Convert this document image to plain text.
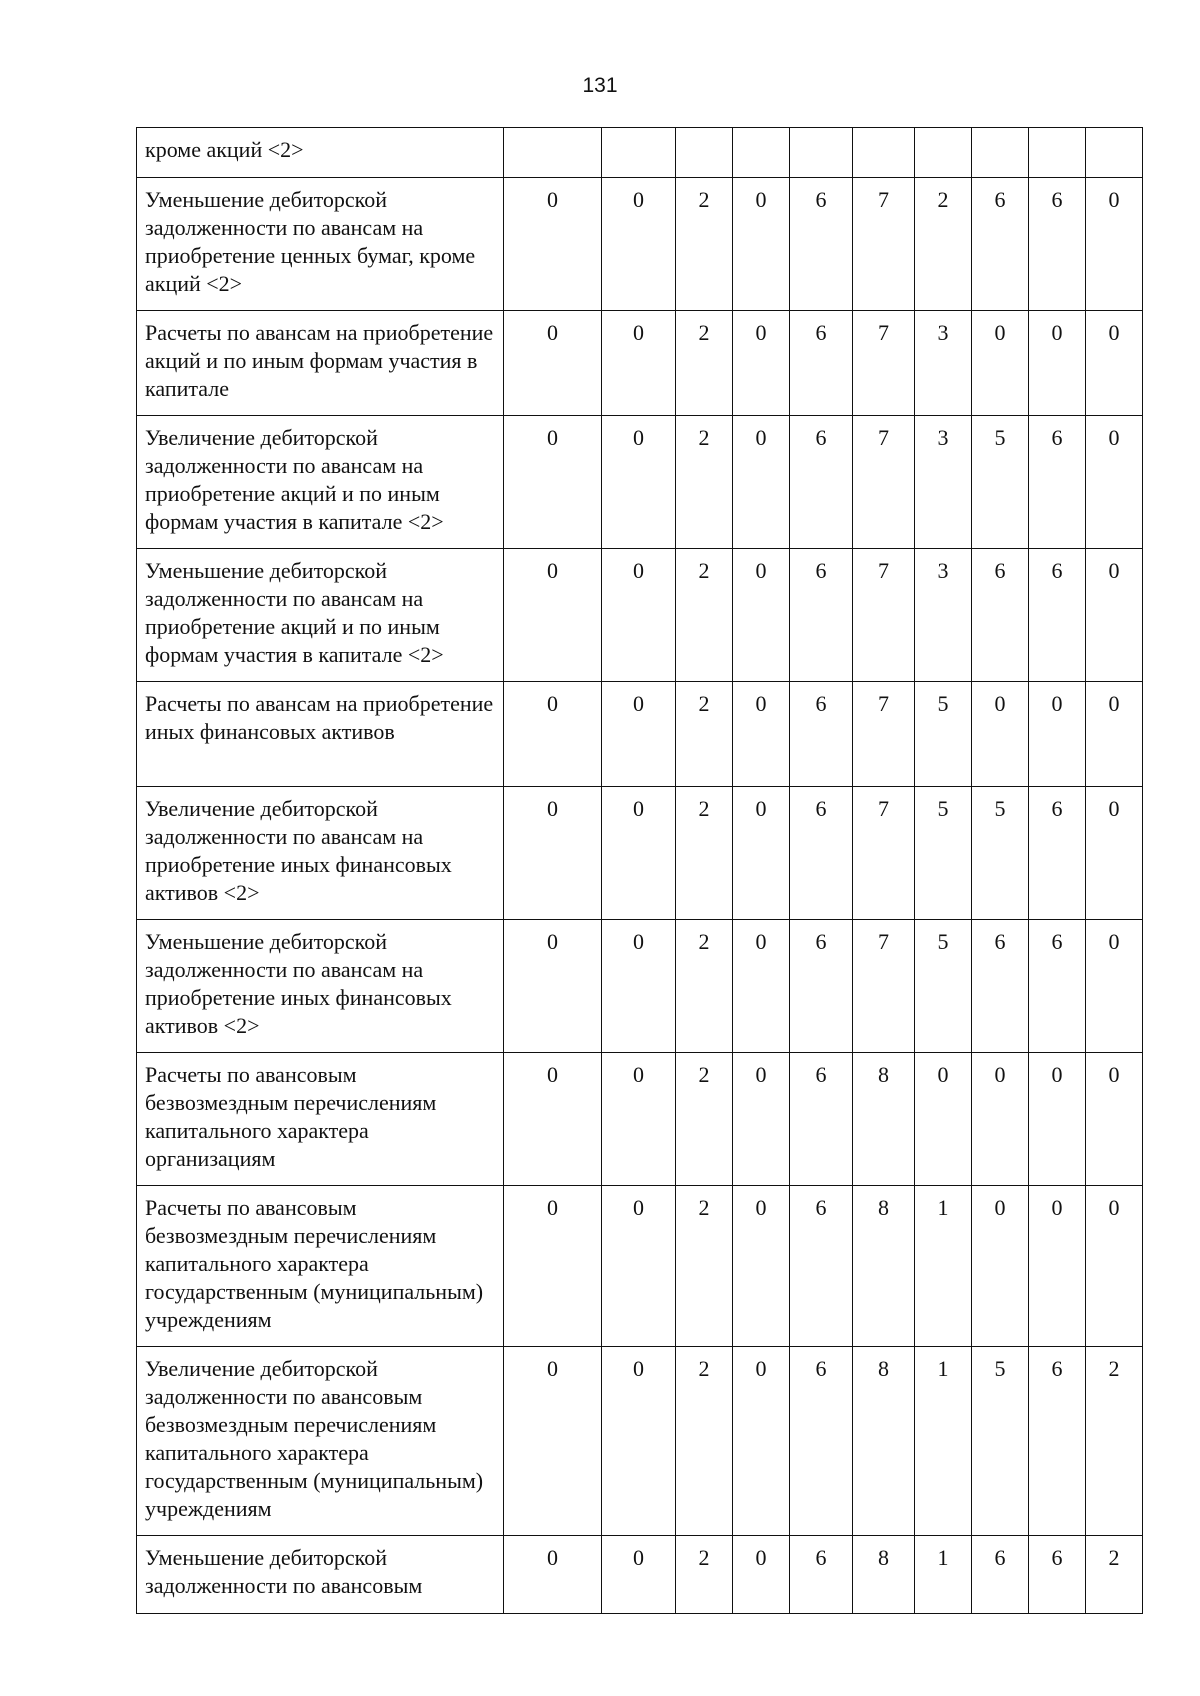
131
кроме акций <2>										
Уменьшение дебиторской задолженности по авансам на приобретение ценных бумаг, кроме акций <2>	0	0	2	0	6	7	2	6	6	0
Расчеты по авансам на приобретение акций и по иным формам участия в капитале	0	0	2	0	6	7	3	0	0	0
Увеличение дебиторской задолженности по авансам на приобретение акций и по иным формам участия в капитале <2>	0	0	2	0	6	7	3	5	6	0
Уменьшение дебиторской задолженности по авансам на приобретение акций и по иным формам участия в капитале <2>	0	0	2	0	6	7	3	6	6	0
Расчеты по авансам на приобретение иных финансовых активов	0	0	2	0	6	7	5	0	0	0
Увеличение дебиторской задолженности по авансам на приобретение иных финансовых активов <2>	0	0	2	0	6	7	5	5	6	0
Уменьшение дебиторской задолженности по авансам на приобретение иных финансовых активов <2>	0	0	2	0	6	7	5	6	6	0
Расчеты по авансовым безвозмездным перечислениям капитального характера организациям	0	0	2	0	6	8	0	0	0	0
Расчеты по авансовым безвозмездным перечислениям капитального характера государственным (муниципальным) учреждениям	0	0	2	0	6	8	1	0	0	0
Увеличение дебиторской задолженности по авансовым безвозмездным перечислениям капитального характера государственным (муниципальным) учреждениям	0	0	2	0	6	8	1	5	6	2
Уменьшение дебиторской задолженности по авансовым	0	0	2	0	6	8	1	6	6	2
